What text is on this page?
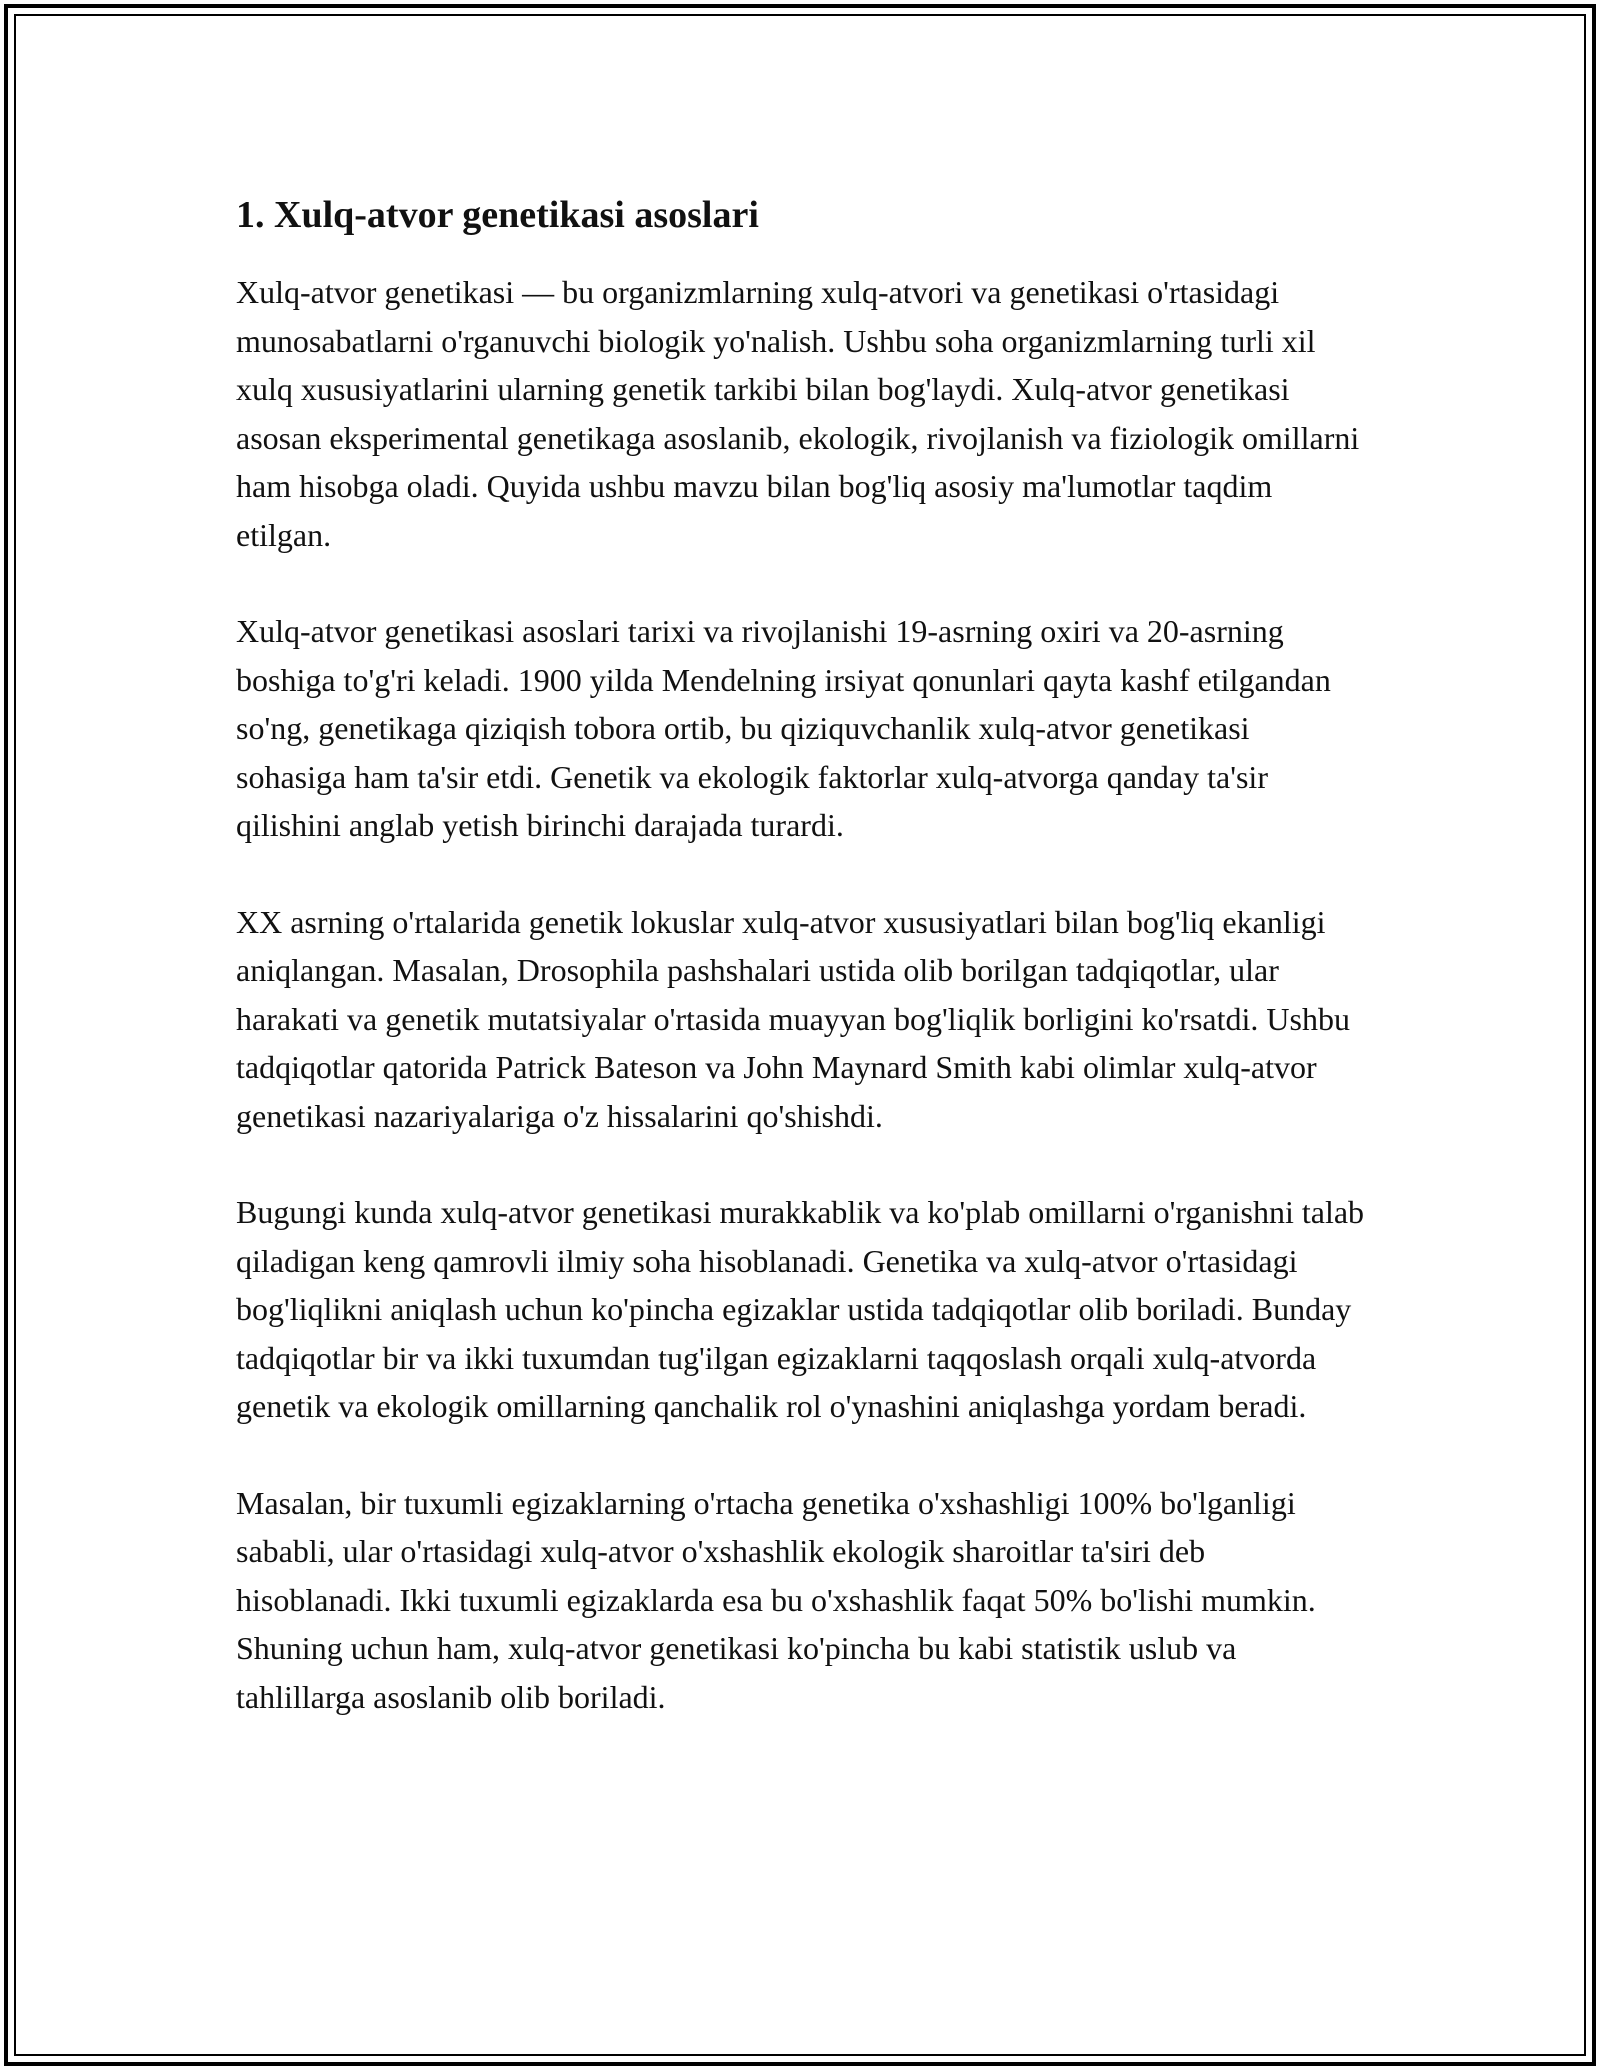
1. Xulq-atvor genetikasi asoslari

Xulq-atvor genetikasi — bu organizmlarning xulq-atvori va genetikasi o'rtasidagi munosabatlarni o'rganuvchi biologik yo'nalish. Ushbu soha organizmlarning turli xil xulq xususiyatlarini ularning genetik tarkibi bilan bog'laydi. Xulq-atvor genetikasi asosan eksperimental genetikaga asoslanib, ekologik, rivojlanish va fiziologik omillarni ham hisobga oladi. Quyida ushbu mavzu bilan bog'liq asosiy ma'lumotlar taqdim etilgan.

Xulq-atvor genetikasi asoslari tarixi va rivojlanishi 19-asrning oxiri va 20-asrning boshiga to'g'ri keladi. 1900 yilda Mendelning irsiyat qonunlari qayta kashf etilgandan so'ng, genetikaga qiziqish tobora ortib, bu qiziquvchanlik xulq-atvor genetikasi sohasiga ham ta'sir etdi. Genetik va ekologik faktorlar xulq-atvorga qanday ta'sir qilishini anglab yetish birinchi darajada turardi.

XX asrning o'rtalarida genetik lokuslar xulq-atvor xususiyatlari bilan bog'liq ekanligi aniqlangan. Masalan, Drosophila pashshalari ustida olib borilgan tadqiqotlar, ular harakati va genetik mutatsiyalar o'rtasida muayyan bog'liqlik borligini ko'rsatdi. Ushbu tadqiqotlar qatorida Patrick Bateson va John Maynard Smith kabi olimlar xulq-atvor genetikasi nazariyalariga o'z hissalarini qo'shishdi.

Bugungi kunda xulq-atvor genetikasi murakkablik va ko'plab omillarni o'rganishni talab qiladigan keng qamrovli ilmiy soha hisoblanadi. Genetika va xulq-atvor o'rtasidagi bog'liqlikni aniqlash uchun ko'pincha egizaklar ustida tadqiqotlar olib boriladi. Bunday tadqiqotlar bir va ikki tuxumdan tug'ilgan egizaklarni taqqoslash orqali xulq-atvorda genetik va ekologik omillarning qanchalik rol o'ynashini aniqlashga yordam beradi.

Masalan, bir tuxumli egizaklarning o'rtacha genetika o'xshashligi 100% bo'lganligi sababli, ular o'rtasidagi xulq-atvor o'xshashlik ekologik sharoitlar ta'siri deb hisoblanadi. Ikki tuxumli egizaklarda esa bu o'xshashlik faqat 50% bo'lishi mumkin. Shuning uchun ham, xulq-atvor genetikasi ko'pincha bu kabi statistik uslub va tahlillarga asoslanib olib boriladi.
